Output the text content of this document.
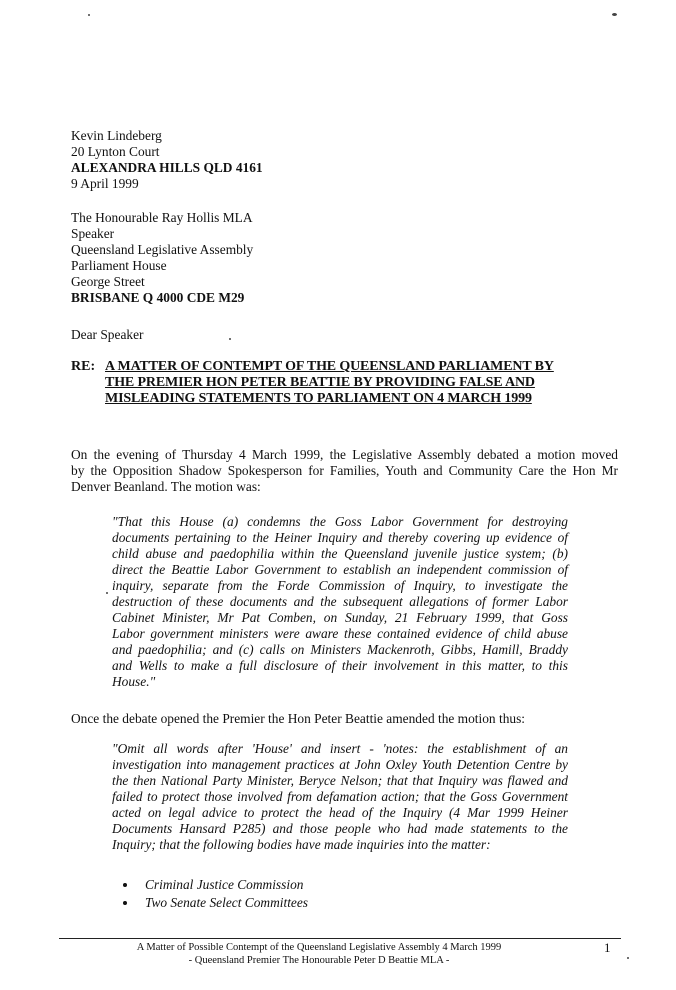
Kevin Lindeberg
20 Lynton Court
ALEXANDRA HILLS QLD 4161
9 April 1999
The Honourable Ray Hollis MLA
Speaker
Queensland Legislative Assembly
Parliament House
George Street
BRISBANE Q 4000 CDE M29
Dear Speaker
RE: A MATTER OF CONTEMPT OF THE QUEENSLAND PARLIAMENT BY
THE PREMIER HON PETER BEATTIE BY PROVIDING FALSE AND
MISLEADING STATEMENTS TO PARLIAMENT ON 4 MARCH 1999
On the evening of Thursday 4 March 1999, the Legislative Assembly debated a motion moved
by the Opposition Shadow Spokesperson for Families, Youth and Community Care the Hon Mr
Denver Beanland. The motion was:
"That this House (a) condemns the Goss Labor Government for destroying
documents pertaining to the Heiner Inquiry and thereby covering up evidence of
child abuse and paedophilia within the Queensland juvenile justice system; (b)
direct the Beattie Labor Government to establish an independent commission of
inquiry, separate from the Forde Commission of Inquiry, to investigate the
destruction of these documents and the subsequent allegations of former Labor
Cabinet Minister, Mr Pat Comben, on Sunday, 21 February 1999, that Goss
Labor government ministers were aware these contained evidence of child abuse
and paedophilia; and (c) calls on Ministers Mackenroth, Gibbs, Hamill, Braddy
and Wells to make a full disclosure of their involvement in this matter, to this
House."
Once the debate opened the Premier the Hon Peter Beattie amended the motion thus:
"Omit all words after 'House' and insert - 'notes: the establishment of an
investigation into management practices at John Oxley Youth Detention Centre by
the then National Party Minister, Beryce Nelson; that that Inquiry was flawed and
failed to protect those involved from defamation action; that the Goss Government
acted on legal advice to protect the head of the Inquiry (4 Mar 1999 Heiner
Documents Hansard P285) and those people who had made statements to the
Inquiry; that the following bodies have made inquiries into the matter:
Criminal Justice Commission
Two Senate Select Committees
A Matter of Possible Contempt of the Queensland Legislative Assembly 4 March 1999
- Queensland Premier The Honourable Peter D Beattie MLA -
1
